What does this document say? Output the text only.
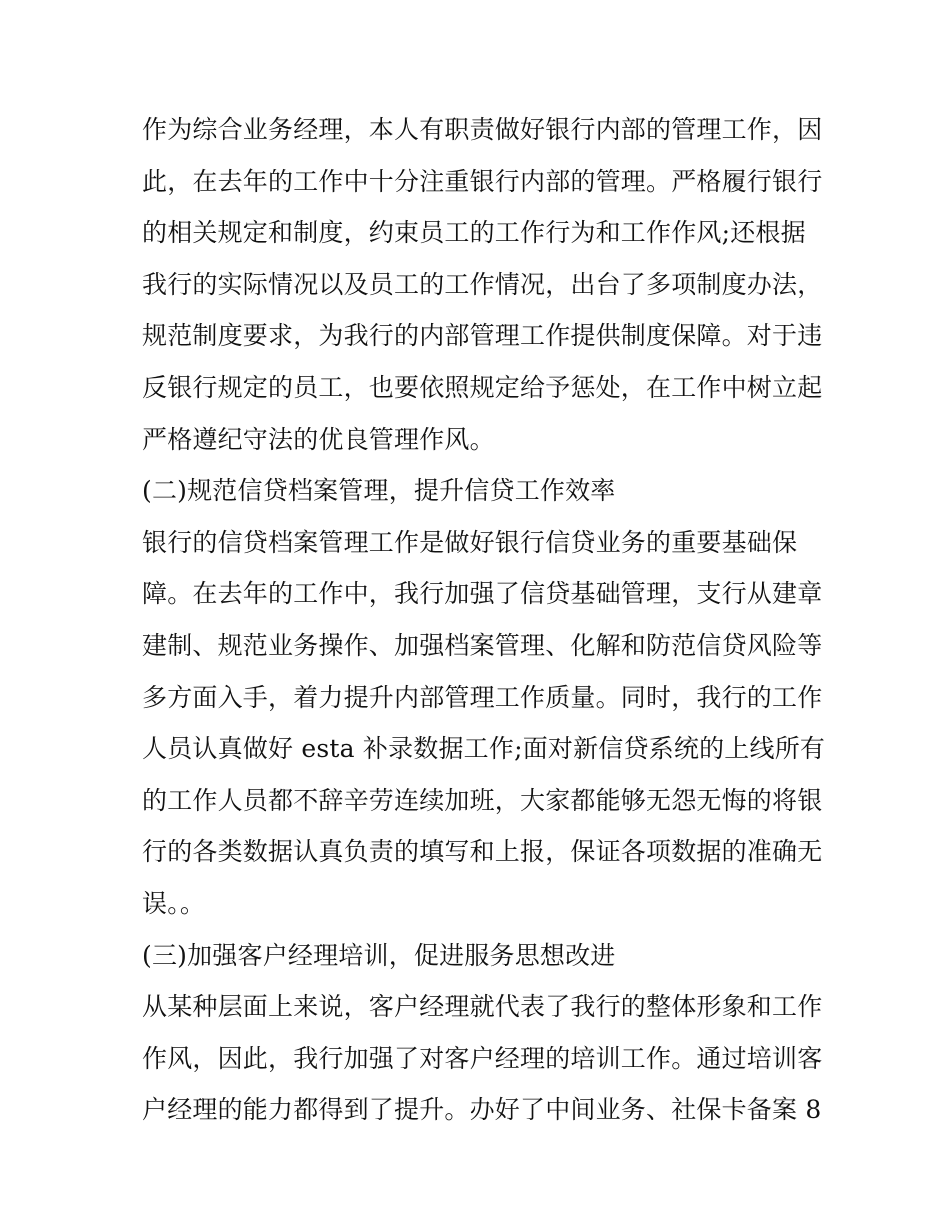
作为综合业务经理，本人有职责做好银行内部的管理工作，因
此，在去年的工作中十分注重银行内部的管理。严格履行银行
的相关规定和制度，约束员工的工作行为和工作作风;还根据
我行的实际情况以及员工的工作情况，出台了多项制度办法，
规范制度要求，为我行的内部管理工作提供制度保障。对于违
反银行规定的员工，也要依照规定给予惩处，在工作中树立起
严格遵纪守法的优良管理作风。
(二)规范信贷档案管理，提升信贷工作效率
银行的信贷档案管理工作是做好银行信贷业务的重要基础保
障。在去年的工作中，我行加强了信贷基础管理，支行从建章
建制、规范业务操作、加强档案管理、化解和防范信贷风险等
多方面入手，着力提升内部管理工作质量。同时，我行的工作
人员认真做好 esta 补录数据工作;面对新信贷系统的上线所有
的工作人员都不辞辛劳连续加班，大家都能够无怨无悔的将银
行的各类数据认真负责的填写和上报，保证各项数据的准确无
误。。
(三)加强客户经理培训，促进服务思想改进
从某种层面上来说，客户经理就代表了我行的整体形象和工作
作风，因此，我行加强了对客户经理的培训工作。通过培训客
户经理的能力都得到了提升。办好了中间业务、社保卡备案 8
